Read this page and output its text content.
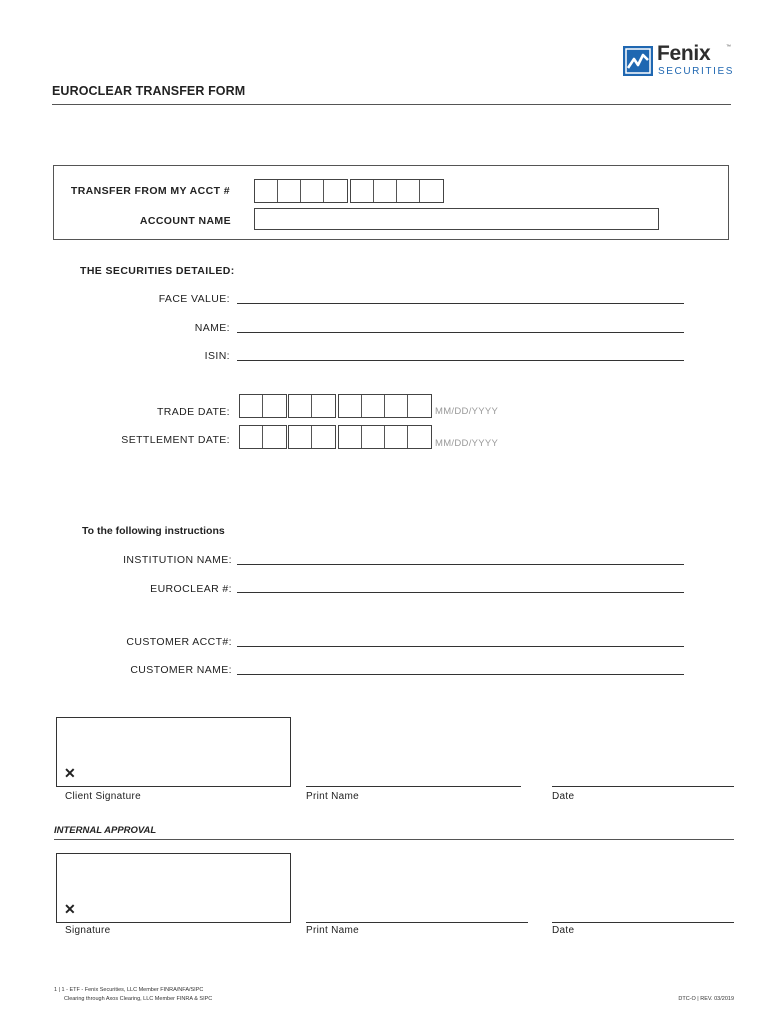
EUROCLEAR TRANSFER FORM
Fenix	™
SECURITIES
TRANSFER FROM MY ACCT #
ACCOUNT NAME
THE SECURITIES DETAILED:
FACE VALUE:
NAME:
ISIN:
TRADE DATE:	MM/DD/YYYY
SETTLEMENT DATE:	MM/DD/YYYY
To the following instructions
INSTITUTION NAME:
EUROCLEAR #:
CUSTOMER ACCT#:
CUSTOMER NAME:
✕
Client Signature	Print Name	Date
INTERNAL APPROVAL
✕
Signature	Print Name	Date
1 | 1 - ETF - Fenix Securities, LLC Member FINRA/NFA/SIPC
Clearing through Axos Clearing, LLC Member FINRA & SIPC	DTC-O | REV. 03/2019
